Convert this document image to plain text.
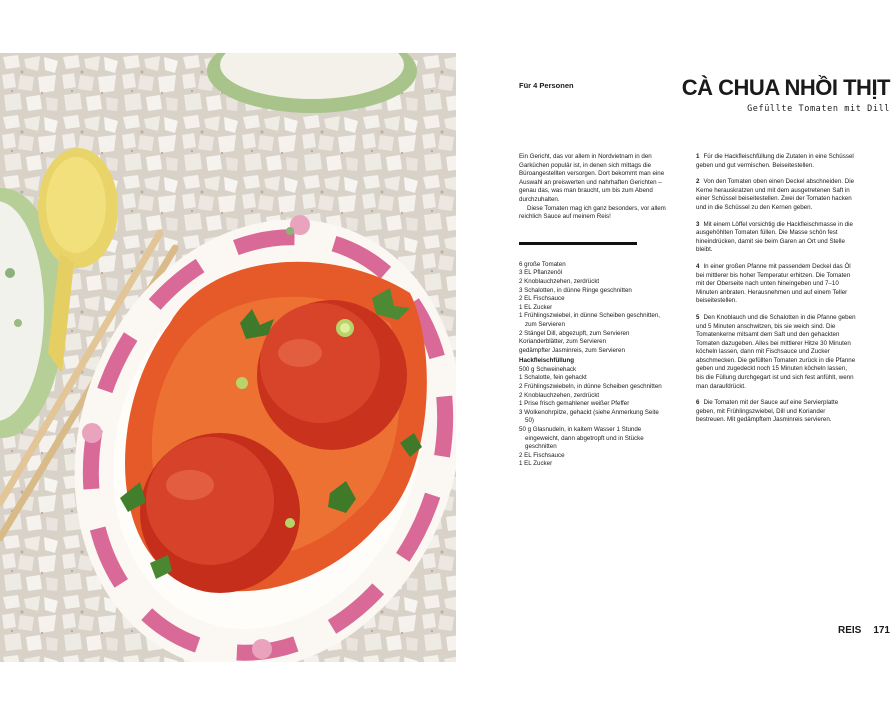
Für 4 Personen	CÀ CHUA NHỒI THỊT
Gefüllte Tomaten mit Dill

Ein Gericht, das vor allem in Nordvietnam in den Garküchen populär ist, in denen sich mittags die Büroangestellten versorgen. Dort bekommt man eine Auswahl an preiswerten und nahrhaften Gerichten – genau das, was man braucht, um bis zum Abend durchzuhalten.

Diese Tomaten mag ich ganz besonders, vor allem reichlich Sauce auf meinem Reis!

6 große Tomaten
3 EL Pflanzenöl
2 Knoblauchzehen, zerdrückt
3 Schalotten, in dünne Ringe geschnitten
2 EL Fischsauce
1 EL Zucker
1 Frühlingszwiebel, in dünne Scheiben geschnitten, zum Servieren
2 Stängel Dill, abgezupft, zum Servieren
Korianderblätter, zum Servieren
gedämpfter Jasminreis, zum Servieren
Hackfleischfüllung
500 g Schweinehack
1 Schalotte, fein gehackt
2 Frühlingszwiebeln, in dünne Scheiben geschnitten
2 Knoblauchzehen, zerdrückt
1 Prise frisch gemahlener weißer Pfeffer
3 Wolkenohrpilze, gehackt (siehe Anmerkung Seite 50)
50 g Glasnudeln, in kaltem Wasser 1 Stunde eingeweicht, dann abgetropft und in Stücke geschnitten
2 EL Fischsauce
1 EL Zucker

1 Für die Hackfleischfüllung die Zutaten in eine Schüssel geben und gut vermischen. Beiseitestellen.

2 Von den Tomaten oben einen Deckel abschneiden. Die Kerne herauskratzen und mit dem ausgetretenen Saft in einer Schüssel beiseitestellen. Zwei der Tomaten hacken und in die Schüssel zu den Kernen geben.

3 Mit einem Löffel vorsichtig die Hackfleischmasse in die ausgehöhlten Tomaten füllen. Die Masse schön fest hineindrücken, damit sie beim Garen an Ort und Stelle bleibt.

4 In einer großen Pfanne mit passendem Deckel das Öl bei mittlerer bis hoher Temperatur erhitzen. Die Tomaten mit der Oberseite nach unten hineingeben und 7–10 Minuten anbraten. Herausnehmen und auf einem Teller beiseitestellen.

5 Den Knoblauch und die Schalotten in die Pfanne geben und 5 Minuten anschwitzen, bis sie weich sind. Die Tomatenkerne mitsamt dem Saft und den gehackten Tomaten dazugeben. Alles bei mittlerer Hitze 30 Minuten köcheln lassen, dann mit Fischsauce und Zucker abschmecken. Die gefüllten Tomaten zurück in die Pfanne geben und zugedeckt noch 15 Minuten köcheln lassen, bis die Füllung durchgegart ist und sich fest anfühlt, wenn man daraufdrückt.

6 Die Tomaten mit der Sauce auf eine Servierplatte geben, mit Frühlingszwiebel, Dill und Koriander bestreuen. Mit gedämpftem Jasminreis servieren.

REIS 171
